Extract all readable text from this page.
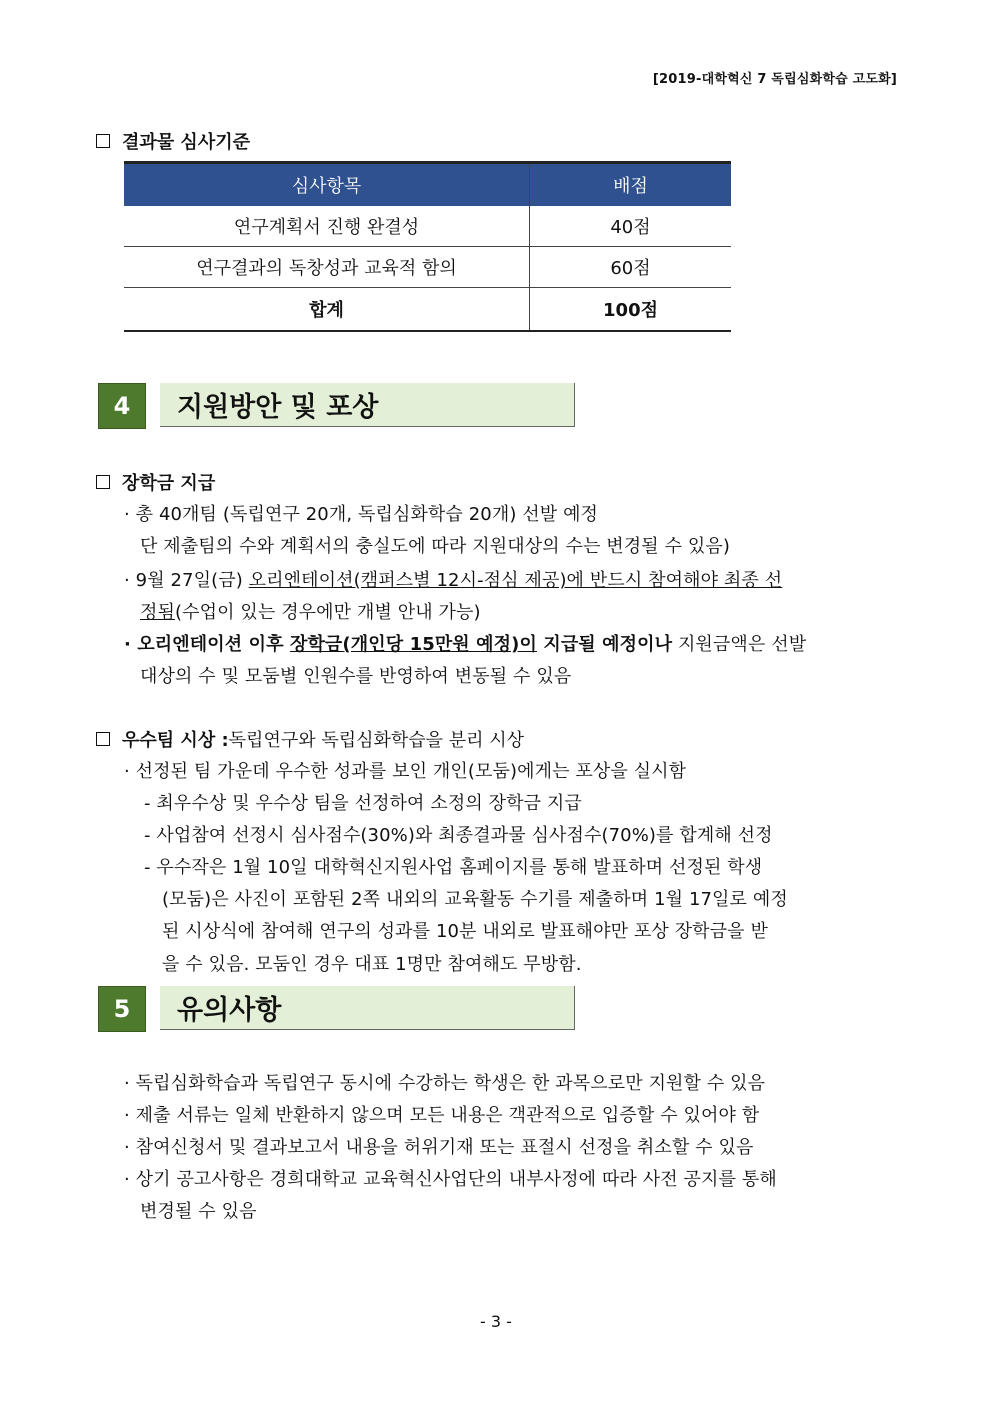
[2019-대학혁신 7 독립심화학습 고도화]
결과물 심사기준
심사항목	배점
연구계획서 진행 완결성	40점
연구결과의 독창성과 교육적 함의	60점
합계	100점
4	지원방안 및 포상
장학금 지급
· 총 40개팀 (독립연구 20개, 독립심화학습 20개) 선발 예정
단 제출팀의 수와 계획서의 충실도에 따라 지원대상의 수는 변경될 수 있음)
· 9월 27일(금) 오리엔테이션(캠퍼스별 12시-점심 제공)에 반드시 참여해야 최종 선
정됨(수업이 있는 경우에만 개별 안내 가능)
· 오리엔테이션 이후 장학금(개인당 15만원 예정)이 지급될 예정이나 지원금액은 선발
대상의 수 및 모둠별 인원수를 반영하여 변동될 수 있음
우수팀 시상 : 독립연구와 독립심화학습을 분리 시상
· 선정된 팀 가운데 우수한 성과를 보인 개인(모둠)에게는 포상을 실시함
- 최우수상 및 우수상 팀을 선정하여 소정의 장학금 지급
- 사업참여 선정시 심사점수(30%)와 최종결과물 심사점수(70%)를 합계해 선정
- 우수작은 1월 10일 대학혁신지원사업 홈페이지를 통해 발표하며 선정된 학생
(모둠)은 사진이 포함된 2쪽 내외의 교육활동 수기를 제출하며 1월 17일로 예정
된 시상식에 참여해 연구의 성과를 10분 내외로 발표해야만 포상 장학금을 받
을 수 있음. 모둠인 경우 대표 1명만 참여해도 무방함.
5	유의사항
· 독립심화학습과 독립연구 동시에 수강하는 학생은 한 과목으로만 지원할 수 있음
· 제출 서류는 일체 반환하지 않으며 모든 내용은 객관적으로 입증할 수 있어야 함
· 참여신청서 및 결과보고서 내용을 허위기재 또는 표절시 선정을 취소할 수 있음
· 상기 공고사항은 경희대학교 교육혁신사업단의 내부사정에 따라 사전 공지를 통해
변경될 수 있음
- 3 -
